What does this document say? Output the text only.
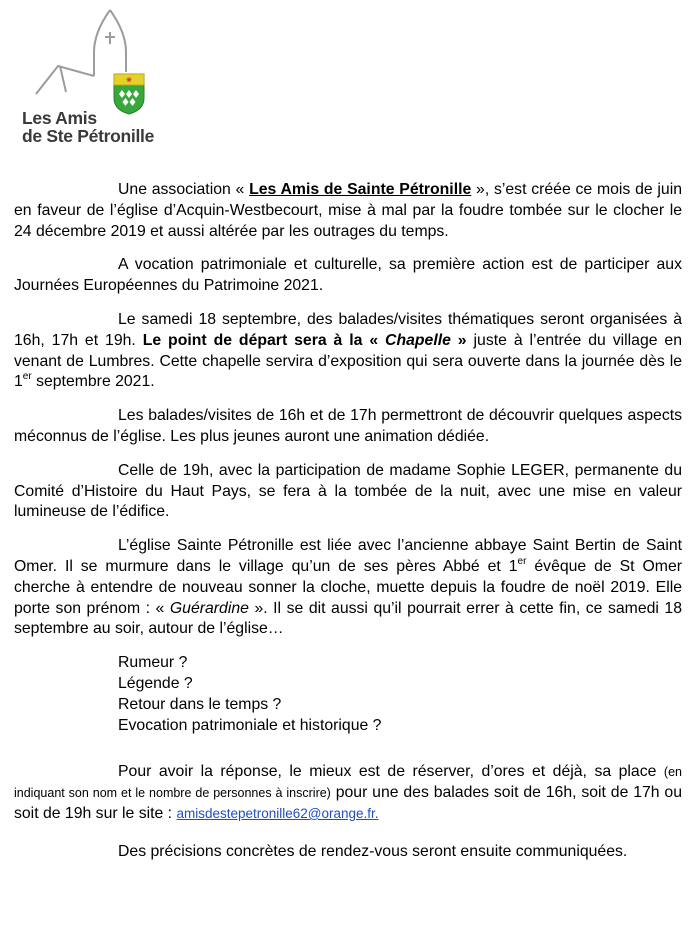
✷
Les Amis
de Ste Pétronille

Une association « Les Amis de Sainte Pétronille », s’est créée ce mois de juin en faveur de l’église d’Acquin-Westbecourt, mise à mal par la foudre tombée sur le clocher le 24 décembre 2019 et aussi altérée par les outrages du temps.

A vocation patrimoniale et culturelle, sa première action est de participer aux Journées Européennes du Patrimoine 2021.

Le samedi 18 septembre, des balades/visites thématiques seront organisées à 16h, 17h et 19h. Le point de départ sera à la « Chapelle » juste à l’entrée du village en venant de Lumbres. Cette chapelle servira d’exposition qui sera ouverte dans la journée dès le 1er septembre 2021.

Les balades/visites de 16h et de 17h permettront de découvrir quelques aspects méconnus de l’église. Les plus jeunes auront une animation dédiée.

Celle de 19h, avec la participation de madame Sophie LEGER, permanente du Comité d’Histoire du Haut Pays, se fera à la tombée de la nuit, avec une mise en valeur lumineuse de l’édifice.

L’église Sainte Pétronille est liée avec l’ancienne abbaye Saint Bertin de Saint Omer. Il se murmure dans le village qu’un de ses pères Abbé et 1er évêque de St Omer cherche à entendre de nouveau sonner la cloche, muette depuis la foudre de noël 2019. Elle porte son prénom : « Guérardine ». Il se dit aussi qu’il pourrait errer à cette fin, ce samedi 18 septembre au soir, autour de l’église…

Rumeur ?
Légende ?
Retour dans le temps ?
Evocation patrimoniale et historique ?

Pour avoir la réponse, le mieux est de réserver, d’ores et déjà, sa place (en indiquant son nom et le nombre de personnes à inscrire) pour une des balades soit de 16h, soit de 17h ou soit de 19h sur le site : amisdestepetronille62@orange.fr.

Des précisions concrètes de rendez-vous seront ensuite communiquées.
